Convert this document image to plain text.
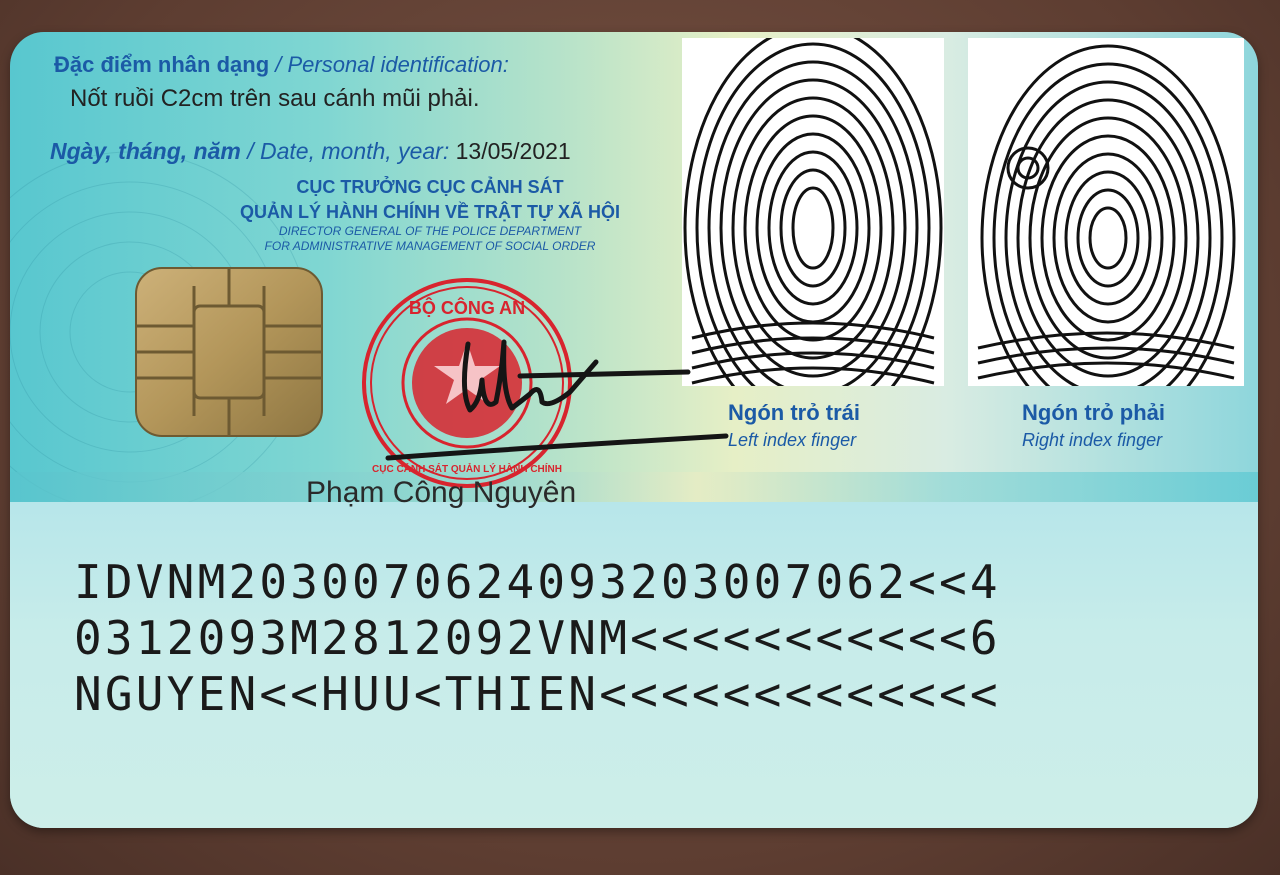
Đặc điểm nhân dạng / Personal identification:
Nốt ruồi C2cm trên sau cánh mũi phải.
Ngày, tháng, năm / Date, month, year: 13/05/2021
CỤC TRƯỞNG CỤC CẢNH SÁT
QUẢN LÝ HÀNH CHÍNH VỀ TRẬT TỰ XÃ HỘI
DIRECTOR GENERAL OF THE POLICE DEPARTMENT
FOR ADMINISTRATIVE MANAGEMENT OF SOCIAL ORDER
BỘ CÔNG AN
CỤC CẢNH SÁT QUẢN LÝ HÀNH CHÍNH
Phạm Công Nguyên
Ngón trỏ trái
Left index finger
Ngón trỏ phải
Right index finger
IDVNM2030070624093203007062<<4
0312093M2812092VNM<<<<<<<<<<<6
NGUYEN<<HUU<THIEN<<<<<<<<<<<<<
